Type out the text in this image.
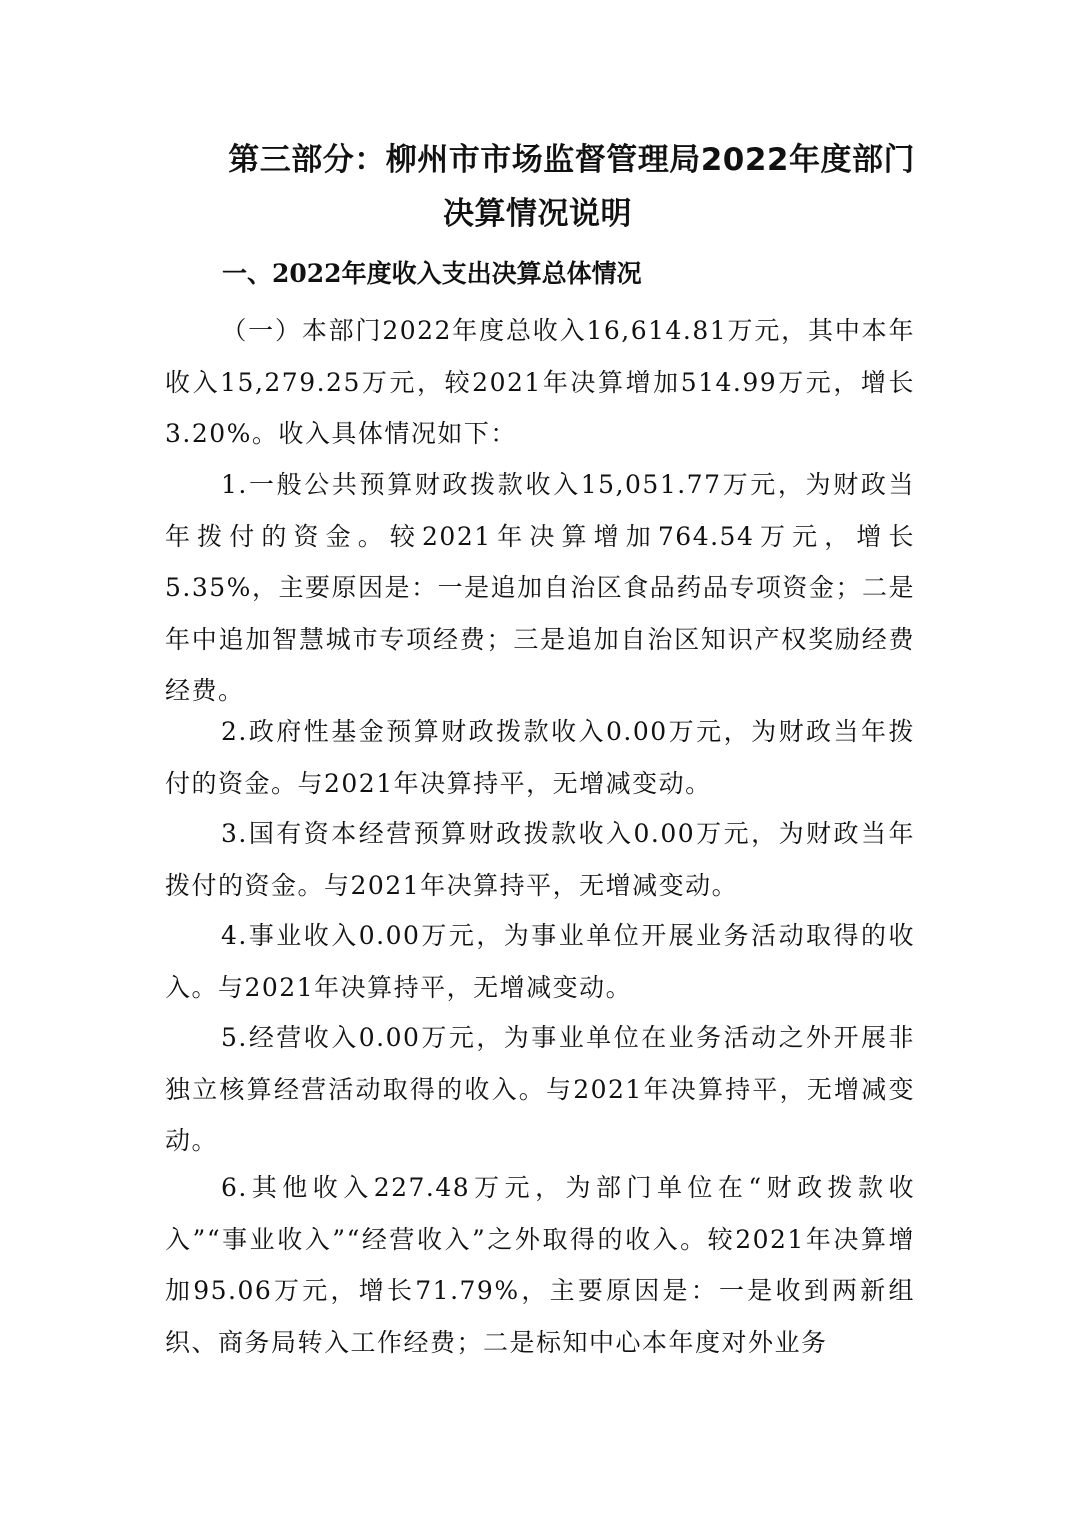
第三部分：柳州市市场监督管理局2022年度部门
决算情况说明
一、2022年度收入支出决算总体情况

（一）本部门2022年度总收入16,614.81万元，其中本年收入15,279.25万元，较2021年决算增加514.99万元，增长3.20%。收入具体情况如下：

1.一般公共预算财政拨款收入15,051.77万元，为财政当年拨付的资金。较2021年决算增加764.54万元，增长5.35%，主要原因是：一是追加自治区食品药品专项资金；二是年中追加智慧城市专项经费；三是追加自治区知识产权奖励经费经费。

2.政府性基金预算财政拨款收入0.00万元，为财政当年拨付的资金。与2021年决算持平，无增减变动。

3.国有资本经营预算财政拨款收入0.00万元，为财政当年拨付的资金。与2021年决算持平，无增减变动。

4.事业收入0.00万元，为事业单位开展业务活动取得的收入。与2021年决算持平，无增减变动。

5.经营收入0.00万元，为事业单位在业务活动之外开展非独立核算经营活动取得的收入。与2021年决算持平，无增减变动。

6.其他收入227.48万元，为部门单位在“财政拨款收入”“事业收入”“经营收入”之外取得的收入。较2021年决算增加95.06万元，增长71.79%，主要原因是：一是收到两新组织、商务局转入工作经费；二是标知中心本年度对外业务
